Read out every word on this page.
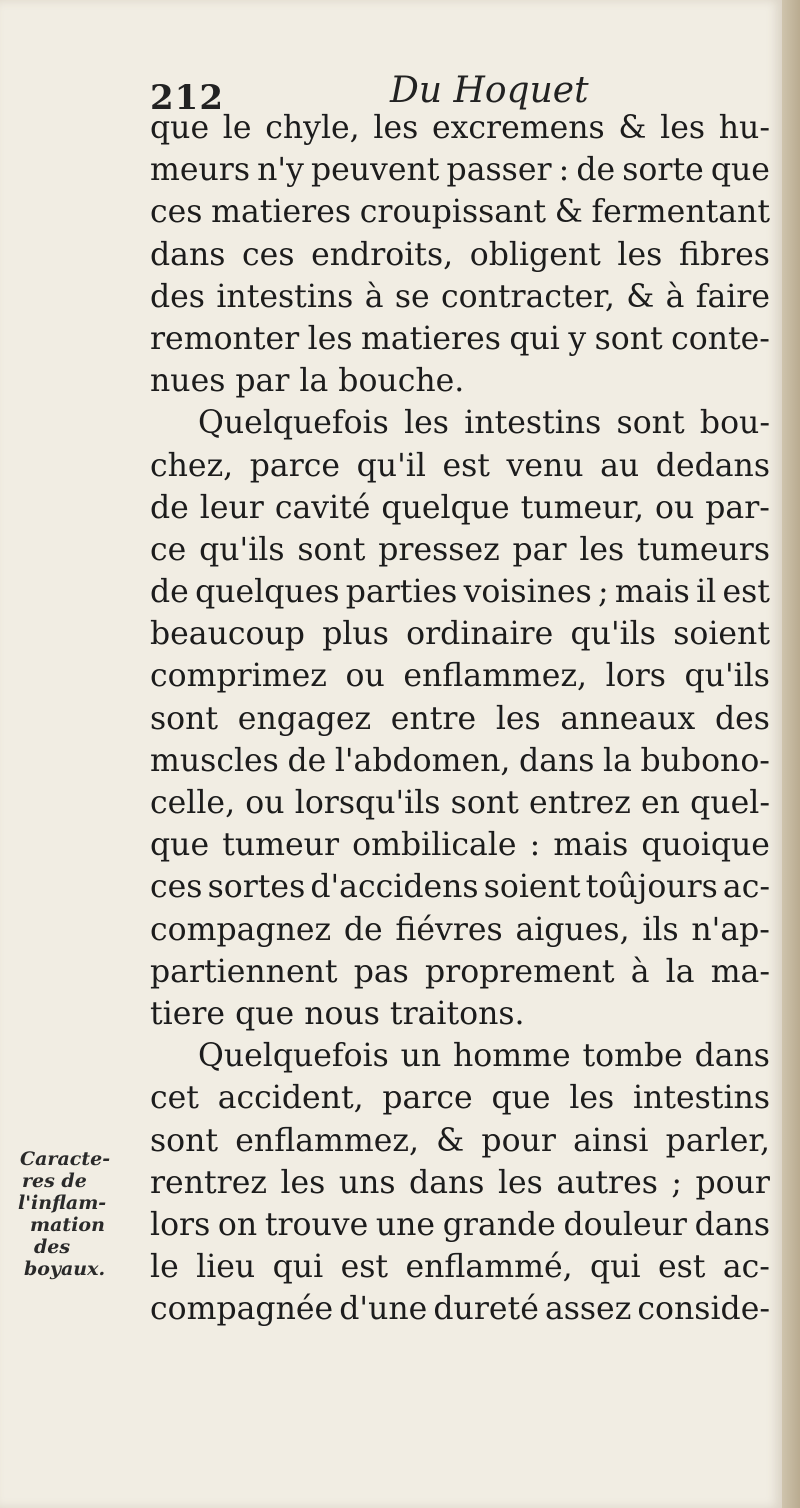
212	Du Hoquet
que le chyle, les excremens & les hu-
meurs n'y peuvent passer : de sorte que
ces matieres croupissant & fermentant
dans ces endroits, obligent les fibres
des intestins à se contracter, & à faire
remonter les matieres qui y sont conte-
nues par la bouche.
Quelquefois les intestins sont bou-
chez, parce qu'il est venu au dedans
de leur cavité quelque tumeur, ou par-
ce qu'ils sont pressez par les tumeurs
de quelques parties voisines ; mais il est
beaucoup plus ordinaire qu'ils soient
comprimez ou enflammez, lors qu'ils
sont engagez entre les anneaux des
muscles de l'abdomen, dans la bubono-
celle, ou lorsqu'ils sont entrez en quel-
que tumeur ombilicale : mais quoique
ces sortes d'accidens soient toûjours ac-
compagnez de fiévres aigues, ils n'ap-
partiennent pas proprement à la ma-
tiere que nous traitons.
Quelquefois un homme tombe dans
cet accident, parce que les intestins
sont enflammez, & pour ainsi parler,
rentrez les uns dans les autres ; pour
lors on trouve une grande douleur dans
le lieu qui est enflammé, qui est ac-
compagnée d'une dureté assez conside-
Caracte-
res de
l'inflam-
mation
des
boyaux.
